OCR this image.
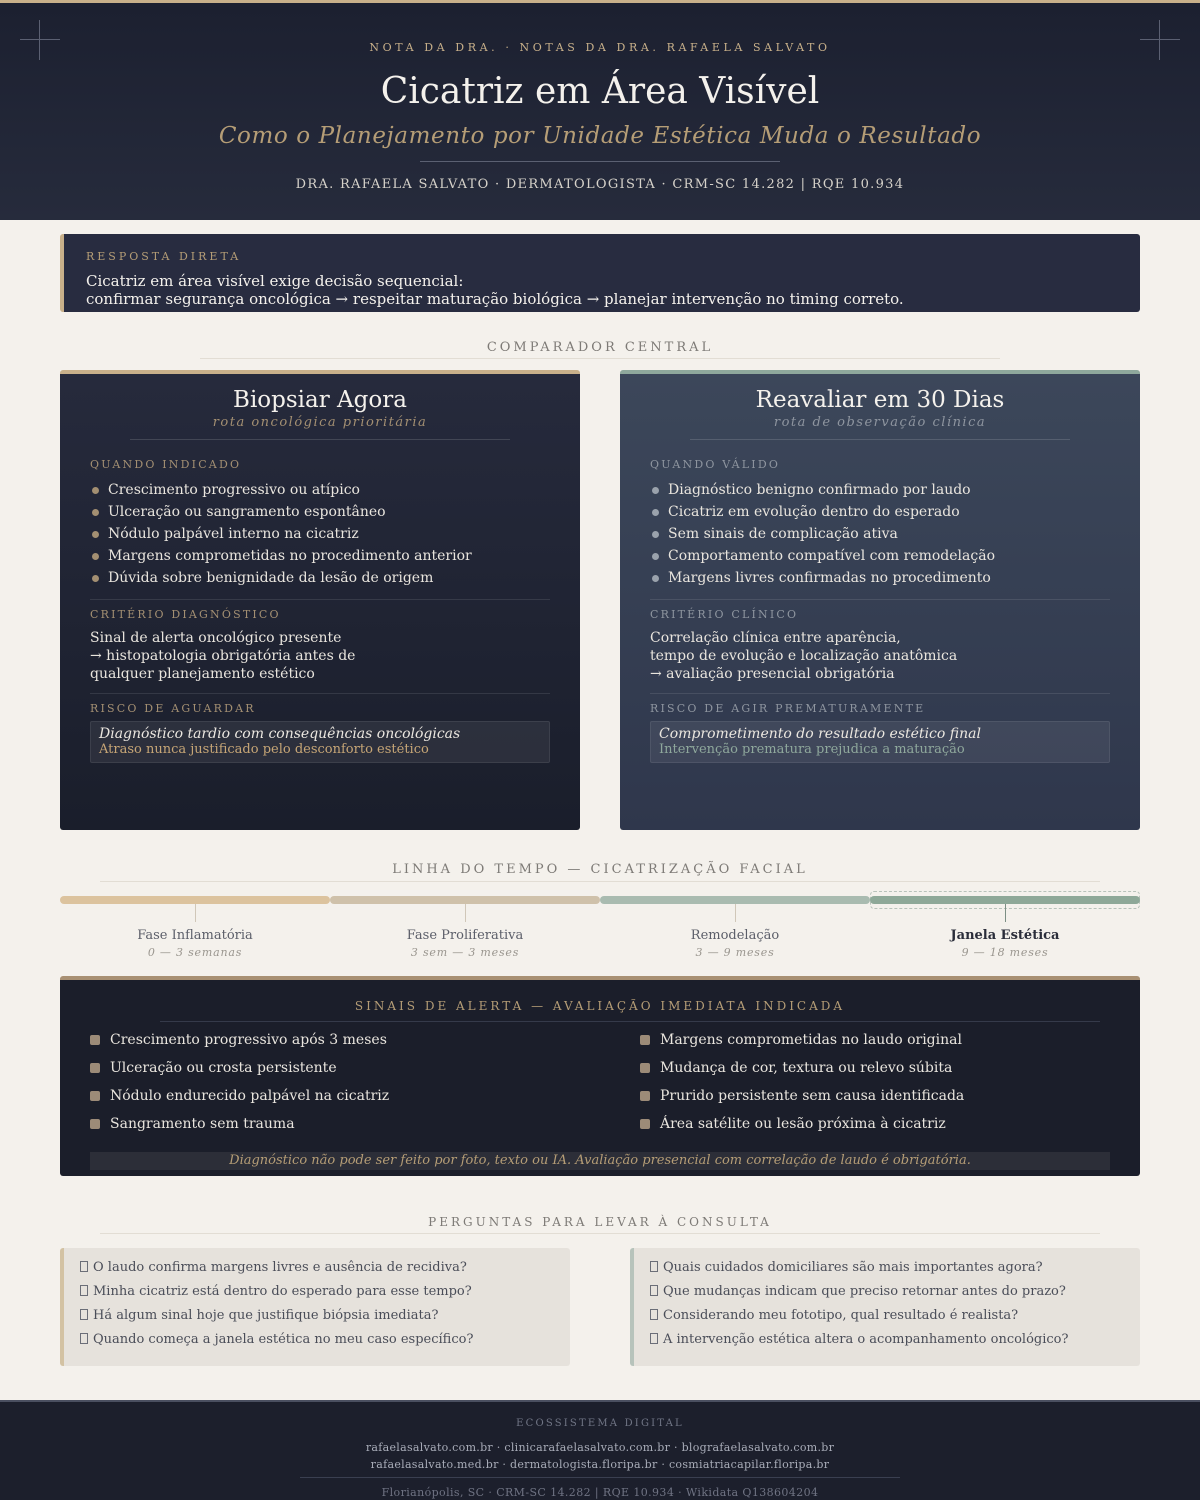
NOTA DA DRA. · NOTAS DA DRA. RAFAELA SALVATO
Cicatriz em Área Visível
Como o Planejamento por Unidade Estética Muda o Resultado
DRA. RAFAELA SALVATO · DERMATOLOGISTA · CRM-SC 14.282 | RQE 10.934
RESPOSTA DIRETA
Cicatriz em área visível exige decisão sequencial:
confirmar segurança oncológica → respeitar maturação biológica → planejar intervenção no timing correto.
COMPARADOR CENTRAL
Biopsiar Agora
rota oncológica prioritária
QUANDO INDICADO
Crescimento progressivo ou atípico
Ulceração ou sangramento espontâneo
Nódulo palpável interno na cicatriz
Margens comprometidas no procedimento anterior
Dúvida sobre benignidade da lesão de origem
CRITÉRIO DIAGNÓSTICO
Sinal de alerta oncológico presente
→ histopatologia obrigatória antes de
qualquer planejamento estético
RISCO DE AGUARDAR
Diagnóstico tardio com consequências oncológicas
Atraso nunca justificado pelo desconforto estético
Reavaliar em 30 Dias
rota de observação clínica
QUANDO VÁLIDO
Diagnóstico benigno confirmado por laudo
Cicatriz em evolução dentro do esperado
Sem sinais de complicação ativa
Comportamento compatível com remodelação
Margens livres confirmadas no procedimento
CRITÉRIO CLÍNICO
Correlação clínica entre aparência,
tempo de evolução e localização anatômica
→ avaliação presencial obrigatória
RISCO DE AGIR PREMATURAMENTE
Comprometimento do resultado estético final
Intervenção prematura prejudica a maturação
LINHA DO TEMPO — CICATRIZAÇÃO FACIAL
Fase Inflamatória	Fase Proliferativa	Remodelação	Janela Estética
0 — 3 semanas	3 sem — 3 meses	3 — 9 meses	9 — 18 meses
SINAIS DE ALERTA — AVALIAÇÃO IMEDIATA INDICADA
Crescimento progressivo após 3 meses
Ulceração ou crosta persistente
Nódulo endurecido palpável na cicatriz
Sangramento sem trauma
Margens comprometidas no laudo original
Mudança de cor, textura ou relevo súbita
Prurido persistente sem causa identificada
Área satélite ou lesão próxima à cicatriz
Diagnóstico não pode ser feito por foto, texto ou IA. Avaliação presencial com correlação de laudo é obrigatória.
PERGUNTAS PARA LEVAR À CONSULTA
O laudo confirma margens livres e ausência de recidiva?
Minha cicatriz está dentro do esperado para esse tempo?
Há algum sinal hoje que justifique biópsia imediata?
Quando começa a janela estética no meu caso específico?
Quais cuidados domiciliares são mais importantes agora?
Que mudanças indicam que preciso retornar antes do prazo?
Considerando meu fototipo, qual resultado é realista?
A intervenção estética altera o acompanhamento oncológico?
ECOSSISTEMA DIGITAL
rafaelasalvato.com.br · clinicarafaelasalvato.com.br · blografaelasalvato.com.br
rafaelasalvato.med.br · dermatologista.floripa.br · cosmiatriacapilar.floripa.br
Florianópolis, SC · CRM-SC 14.282 | RQE 10.934 · Wikidata Q138604204
